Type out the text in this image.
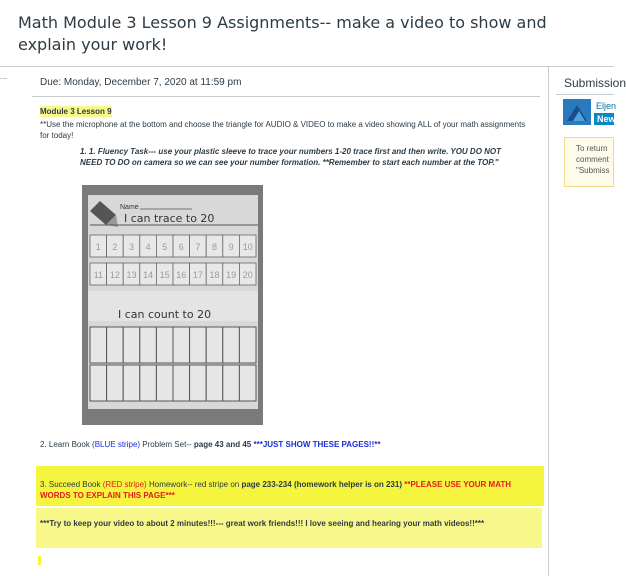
Math Module 3 Lesson 9 Assignments-- make a video to show and explain your work!
Due: Monday, December 7, 2020 at 11:59 pm
Module 3 Lesson 9
**Use the microphone at the bottom and choose the triangle for AUDIO & VIDEO to make a video showing ALL of your math assignments for today!
1. 1. Fluency Task--- use your plastic sleeve to trace your numbers 1-20 trace first and then write. YOU DO NOT NEED TO DO on camera so we can see your number formation. **Remember to start each number at the TOP."
Name
I can trace to 20
1 2 3 4 5 6 7 8 9 10
11 12 13 14 15 16 17 18 19 20
I can count to 20
2. Learn Book (BLUE stripe) Problem Set-- page 43 and 45 ***JUST SHOW THESE PAGES!!**
3. Succeed Book (RED stripe) Homework-- red stripe on page 233-234 (homework helper is on 231) **PLEASE USE YOUR MATH WORDS TO EXPLAIN THIS PAGE***
***Try to keep your video to about 2 minutes!!!--- great work friends!!! I love seeing and hearing your math videos!!***
Submission
Eljen
New
To return
comment
"Submiss
